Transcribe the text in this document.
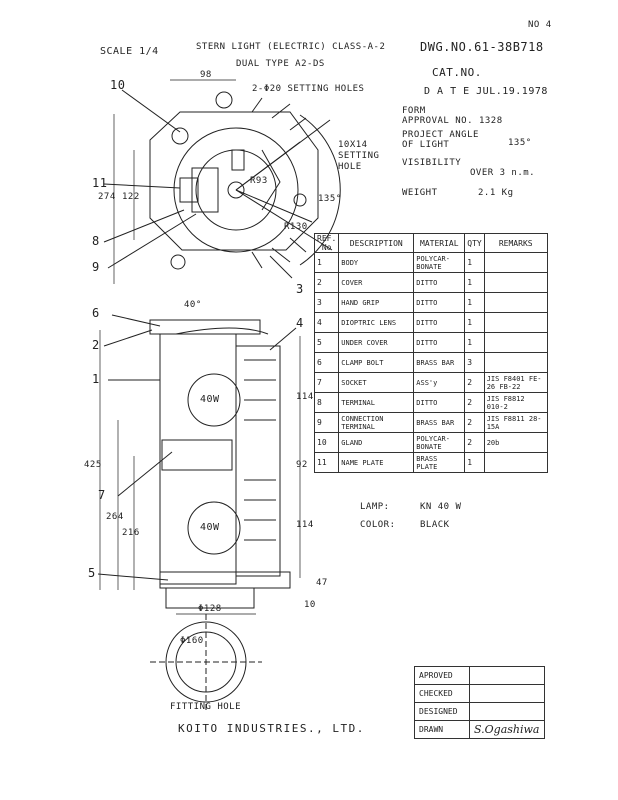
NO 4
SCALE 1/4	STERN LIGHT (ELECTRIC) CLASS-A-2
DUAL TYPE A2-DS
DWG.NO.61-38B718
CAT.NO.
D A T E JUL.19.1978
FORM
APPROVAL NO. 1328
PROJECT ANGLE
OF LIGHT	135°
VISIBILITY
OVER 3 n.m.
WEIGHT	2.1 Kg
2-Φ20 SETTING HOLES
10X14
SETTING
HOLE
98
274 122	135°
R93
R130
40°
114
92
114
425
264
216
Φ128
Φ160
47
10
40W
40W
10
11
8
9
3
6
2
1
4
7
5
REF. No	DESCRIPTION	MATERIAL	QTY	REMARKS
1	BODY	POLYCAR-BONATE	1	
2	COVER	DITTO	1	
3	HAND GRIP	DITTO	1	
4	DIOPTRIC LENS	DITTO	1	
5	UNDER COVER	DITTO	1	
6	CLAMP BOLT	BRASS BAR	3	
7	SOCKET	ASS'y	2	JIS F8401 FE-26 FB-22
8	TERMINAL	DITTO	2	JIS F8812 010-2
9	CONNECTION TERMINAL	BRASS BAR	2	JIS F8811 28-15A
10	GLAND	POLYCAR-BONATE	2	20b
11	NAME PLATE	BRASS PLATE	1	
LAMP:	KN 40 W
COLOR:	BLACK
APROVED	
CHECKED	
DESIGNED	
DRAWN	S.Ogashiwa
FITTING HOLE
KOITO INDUSTRIES., LTD.
